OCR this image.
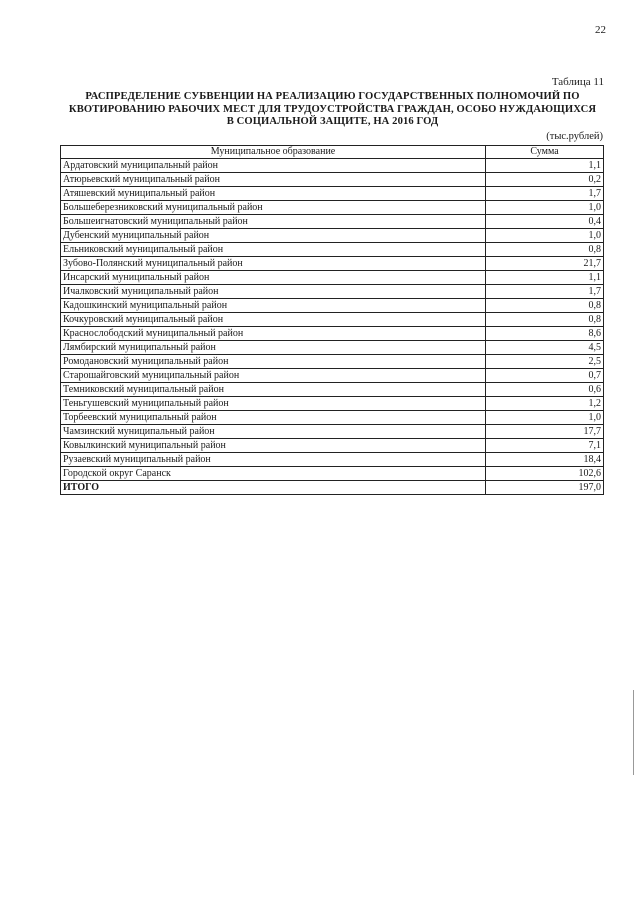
22
Таблица 11
РАСПРЕДЕЛЕНИЕ СУБВЕНЦИИ НА РЕАЛИЗАЦИЮ ГОСУДАРСТВЕННЫХ ПОЛНОМОЧИЙ ПО
КВОТИРОВАНИЮ РАБОЧИХ МЕСТ ДЛЯ ТРУДОУСТРОЙСТВА ГРАЖДАН, ОСОБО НУЖДАЮЩИХСЯ
В СОЦИАЛЬНОЙ ЗАЩИТЕ, НА 2016 ГОД
(тыс.рублей)
Муниципальное образование	Сумма
Ардатовский муниципальный район	1,1
Атюрьевский муниципальный район	0,2
Атяшевский муниципальный район	1,7
Большеберезниковский муниципальный район	1,0
Большеигнатовский муниципальный район	0,4
Дубенский муниципальный район	1,0
Ельниковский муниципальный район	0,8
Зубово-Полянский муниципальный район	21,7
Инсарский муниципальный район	1,1
Ичалковский муниципальный район	1,7
Кадошкинский муниципальный район	0,8
Кочкуровский муниципальный район	0,8
Краснослободский муниципальный район	8,6
Лямбирский муниципальный район	4,5
Ромодановский муниципальный район	2,5
Старошайговский муниципальный район	0,7
Темниковский муниципальный район	0,6
Теньгушевский муниципальный район	1,2
Торбеевский муниципальный район	1,0
Чамзинский муниципальный район	17,7
Ковылкинский муниципальный район	7,1
Рузаевский муниципальный район	18,4
Городской округ Саранск	102,6
ИТОГО	197,0
